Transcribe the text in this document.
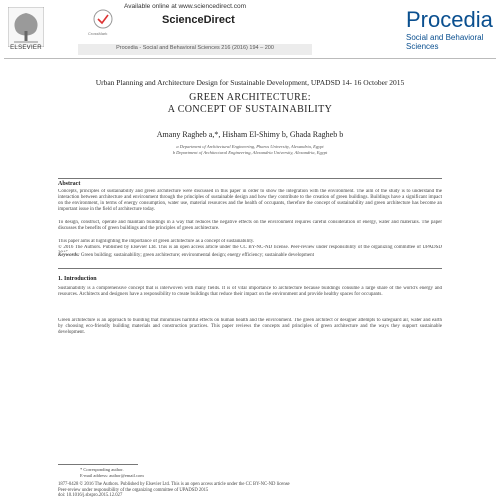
ELSEVIER
CrossMark
Available online at www.sciencedirect.com
ScienceDirect
Procedia - Social and Behavioral Sciences 216 (2016) 194 – 200
Procedia
Social and Behavioral Sciences
Urban Planning and Architecture Design for Sustainable Development, UPADSD 14- 16 October 2015
GREEN ARCHITECTURE:
A CONCEPT OF SUSTAINABILITY
Amany Ragheb a,*, Hisham El-Shimy b, Ghada Ragheb b
a Department of Architectural Engineering, Pharos University, Alexandria, Egypt
b Department of Architectural Engineering, Alexandria University, Alexandria, Egypt
Abstract
Concepts, principles of sustainability and green architecture were discussed in this paper in order to show the integration with the environment. The aim of the study is to understand the interaction between architecture and environment through the principles of sustainable design and how they contribute to the creation of green buildings. Buildings have a significant impact on the environment, in terms of energy consumption, water use, material resources and the health of occupants, therefore the concept of sustainability and green architecture has become an important issue in the field of architecture today.
To design, construct, operate and maintain buildings in a way that reduces the negative effects on the environment requires careful consideration of energy, water and materials. The paper discusses the benefits of green buildings and the principles of green architecture.
This paper aims at highlighting the importance of green architecture as a concept of sustainability.
© 2016 The Authors. Published by Elsevier Ltd. This is an open access article under the CC BY-NC-ND license. Peer-review under responsibility of the organizing committee of UPADSD
Keywords: Green building; sustainability; green architecture; environmental design; energy efficiency; sustainable development
1. Introduction
Sustainability is a comprehensive concept that is interwoven with many fields. It is of vital importance to architecture because buildings consume a large share of the world's energy and resources. Architects and designers have a responsibility to create buildings that reduce their impact on the environment and provide healthy spaces for occupants.
Green architecture is an approach to building that minimizes harmful effects on human health and the environment. The green architect or designer attempts to safeguard air, water and earth by choosing eco-friendly building materials and construction practices. This paper reviews the concepts and principles of green architecture and the ways they support sustainable development.
* Corresponding author.
E-mail address: author@email.com
1877-0428 © 2016 The Authors. Published by Elsevier Ltd. This is an open access article under the CC BY-NC-ND license
Peer-review under responsibility of the organizing committee of UPADSD 2015
doi: 10.1016/j.sbspro.2015.12.027
